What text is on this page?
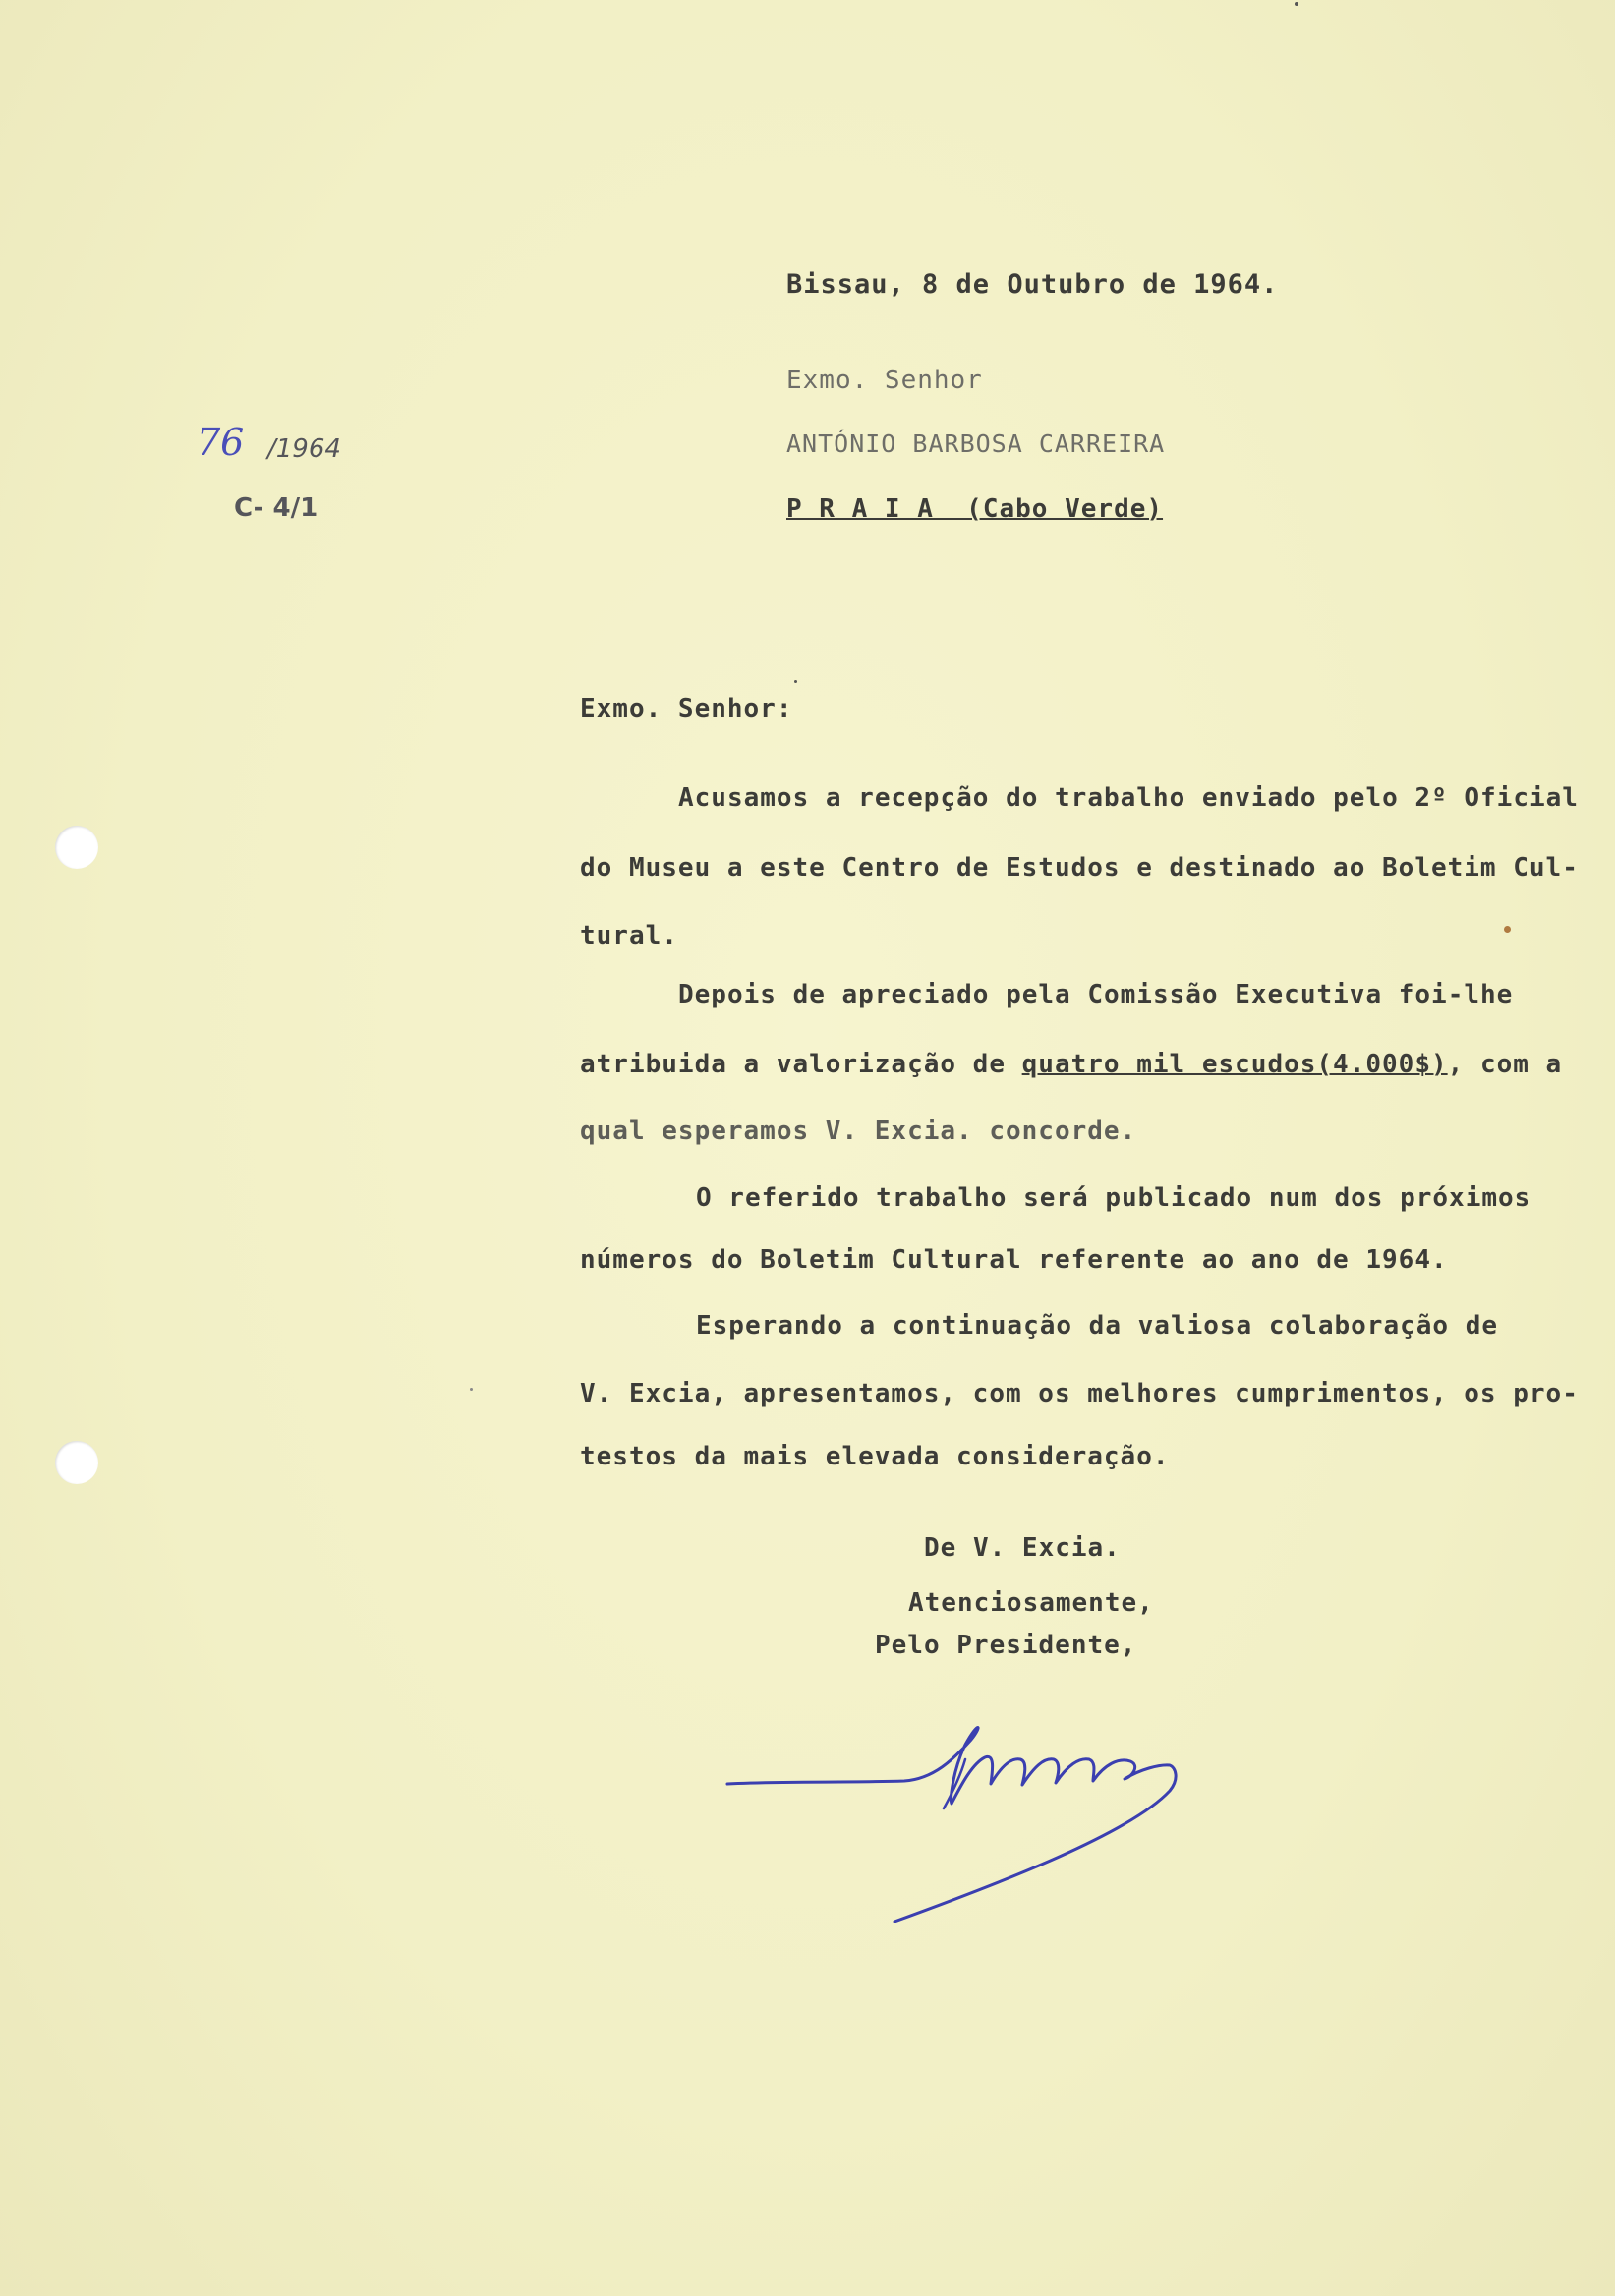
Bissau, 8 de Outubro de 1964.
Exmo. Senhor
ANTÓNIO BARBOSA CARREIRA
P R A I A  (Cabo Verde)
76 /1964
C- 4/1
Exmo. Senhor:
Acusamos a recepção do trabalho enviado pelo 2º Oficial
do Museu a este Centro de Estudos e destinado ao Boletim Cul-
tural.
Depois de apreciado pela Comissão Executiva foi-lhe
atribuida a valorização de quatro mil escudos(4.000$), com a
qual esperamos V. Excia. concorde.
O referido trabalho será publicado num dos próximos
números do Boletim Cultural referente ao ano de 1964.
Esperando a continuação da valiosa colaboração de
V. Excia, apresentamos, com os melhores cumprimentos, os pro-
testos da mais elevada consideração.
De V. Excia.
Atenciosamente,
Pelo Presidente,
